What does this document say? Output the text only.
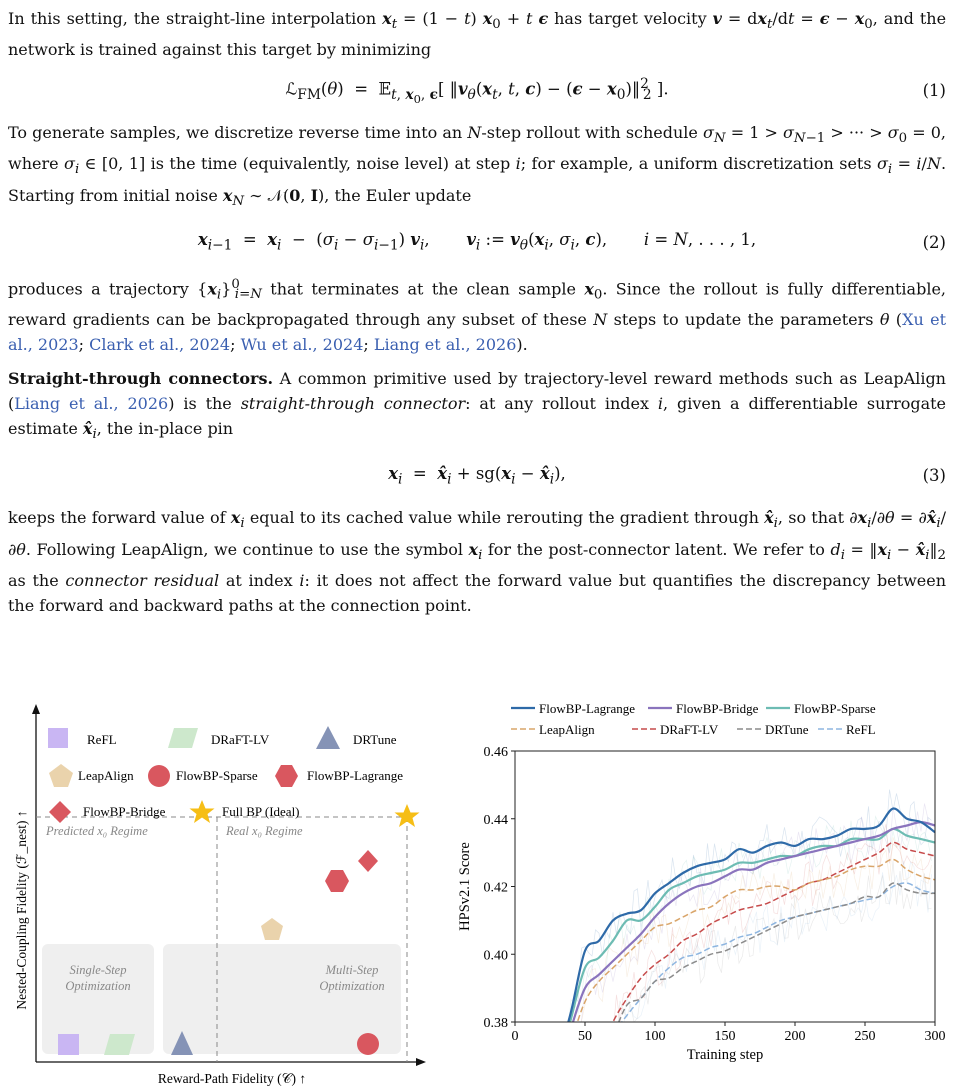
In this setting, the straight-line interpolation $x_t = (1 - t) x_0 + t$ ϵ has target velocity $v = dx_t/dt = \epsilon - x_0$, and the network is trained against this target by minimizing

ℒ$_{FM}$(θ)  =  𝔼$_{t, x_0, \epsilon}$[ $‖v_\theta(x_t$, t, $c) - (\epsilon - x_0)‖^2_2$ ].	(1)

To generate samples, we discretize reverse time into an N-step rollout with schedule $\sigma_N = 1 > \sigma_{N-1}$ > ··· > $\sigma_0 = 0$, where $\sigma_i$ ∈ [0, 1] is the time (equivalently, noise level) at step i; for example, a uniform discretization sets $\sigma_i = i/N$. Starting from initial noise $x_N$ ∼ 𝒩(0, I), the Euler update

$x_{i-1} = x_i - (\sigma_i - \sigma_{i-1})$ $v_i$,       $v_i$ := $v_\theta(x_i$, $\sigma_i$, c),       i = N, . . . , 1,	(2)

produces a trajectory $\{x_i\}^0_{i=N}$ that terminates at the clean sample $x_0$. Since the rollout is fully differentiable, reward gradients can be backpropagated through any subset of these N steps to update the parameters θ (Xu et al., 2023; Clark et al., 2024; Wu et al., 2024; Liang et al., 2026).

Straight-through connectors. A common primitive used by trajectory-level reward methods such as LeapAlign (Liang et al., 2026) is the straight-through connector: at any rollout index i, given a differentiable surrogate estimate $x̂_i$, the in-place pin

$x_i$  =  $x̂_i + sg(x_i$ − $x̂_i$),	(3)

keeps the forward value of $x_i$ equal to its cached value while rerouting the gradient through $x̂_i$, so that $\partial x_i/\partial\theta$ = $\partial x̂_i/\partial\theta$. Following LeapAlign, we continue to use the symbol $x_i$ for the post-connector latent. We refer to $d_i$ = $‖x_i$ − $x̂_i‖_2$ as the connector residual at index i: it does not affect the forward value but quantifies the discrepancy between the forward and backward paths at the connection point.

Predicted x₀ Regime	Real x₀ Regime
Single-Step
Optimization
Multi-Step
Optimization
ReFL	DRaFT-LV	DRTune
LeapAlign	FlowBP-Sparse	FlowBP-Lagrange
FlowBP-Bridge	Full BP (Ideal)
Reward-Path Fidelity (𝒞) ↑
Nested-Coupling Fidelity (ℱ_nest) ↑
0	50	100	150	200	250	300
0.38
0.40
0.42
0.44
0.46
FlowBP-Lagrange	FlowBP-Bridge	FlowBP-Sparse
LeapAlign	DRaFT-LV	DRTune	ReFL
Training step
HPSv2.1 Score
